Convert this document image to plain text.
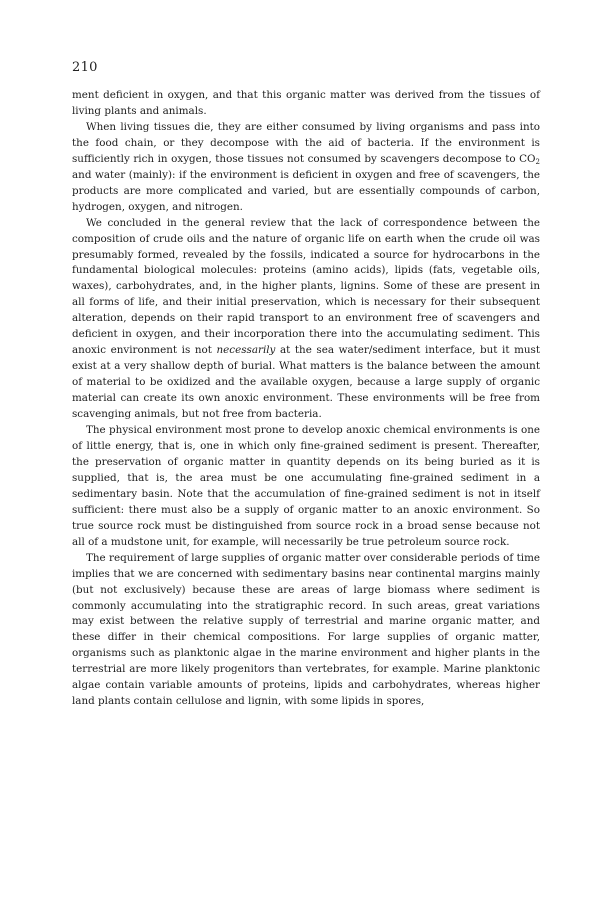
210

ment deficient in oxygen, and that this organic matter was derived from the tissues of living plants and animals.

When living tissues die, they are either consumed by living organisms and pass into the food chain, or they decompose with the aid of bacteria. If the environment is sufficiently rich in oxygen, those tissues not consumed by scavengers decompose to $CO_2$ and water (mainly): if the environment is deficient in oxygen and free of scavengers, the products are more complicated and varied, but are essentially compounds of carbon, hydrogen, oxygen, and nitrogen.

We concluded in the general review that the lack of correspondence between the composition of crude oils and the nature of organic life on earth when the crude oil was presumably formed, revealed by the fossils, indicated a source for hydrocarbons in the fundamental biological molecules: proteins (amino acids), lipids (fats, vegetable oils, waxes), carbohydrates, and, in the higher plants, lignins. Some of these are present in all forms of life, and their initial preservation, which is necessary for their subsequent alteration, depends on their rapid transport to an environment free of scavengers and deficient in oxygen, and their incorporation there into the accumulating sediment. This anoxic environment is not necessarily at the sea water/sediment interface, but it must exist at a very shallow depth of burial. What matters is the balance between the amount of material to be oxidized and the available oxygen, because a large supply of organic material can create its own anoxic environment. These environments will be free from scavenging animals, but not free from bacteria.

The physical environment most prone to develop anoxic chemical environments is one of little energy, that is, one in which only fine-grained sediment is present. Thereafter, the preservation of organic matter in quantity depends on its being buried as it is supplied, that is, the area must be one accumulating fine-grained sediment in a sedimentary basin. Note that the accumulation of fine-grained sediment is not in itself sufficient: there must also be a supply of organic matter to an anoxic environment. So true source rock must be distinguished from source rock in a broad sense because not all of a mudstone unit, for example, will necessarily be true petroleum source rock.

The requirement of large supplies of organic matter over considerable periods of time implies that we are concerned with sedimentary basins near continental margins mainly (but not exclusively) because these are areas of large biomass where sediment is commonly accumulating into the stratigraphic record. In such areas, great variations may exist between the relative supply of terrestrial and marine organic matter, and these differ in their chemical compositions. For large supplies of organic matter, organisms such as planktonic algae in the marine environment and higher plants in the terrestrial are more likely progenitors than vertebrates, for example. Marine planktonic algae contain variable amounts of proteins, lipids and carbohydrates, whereas higher land plants contain cellulose and lignin, with some lipids in spores,
